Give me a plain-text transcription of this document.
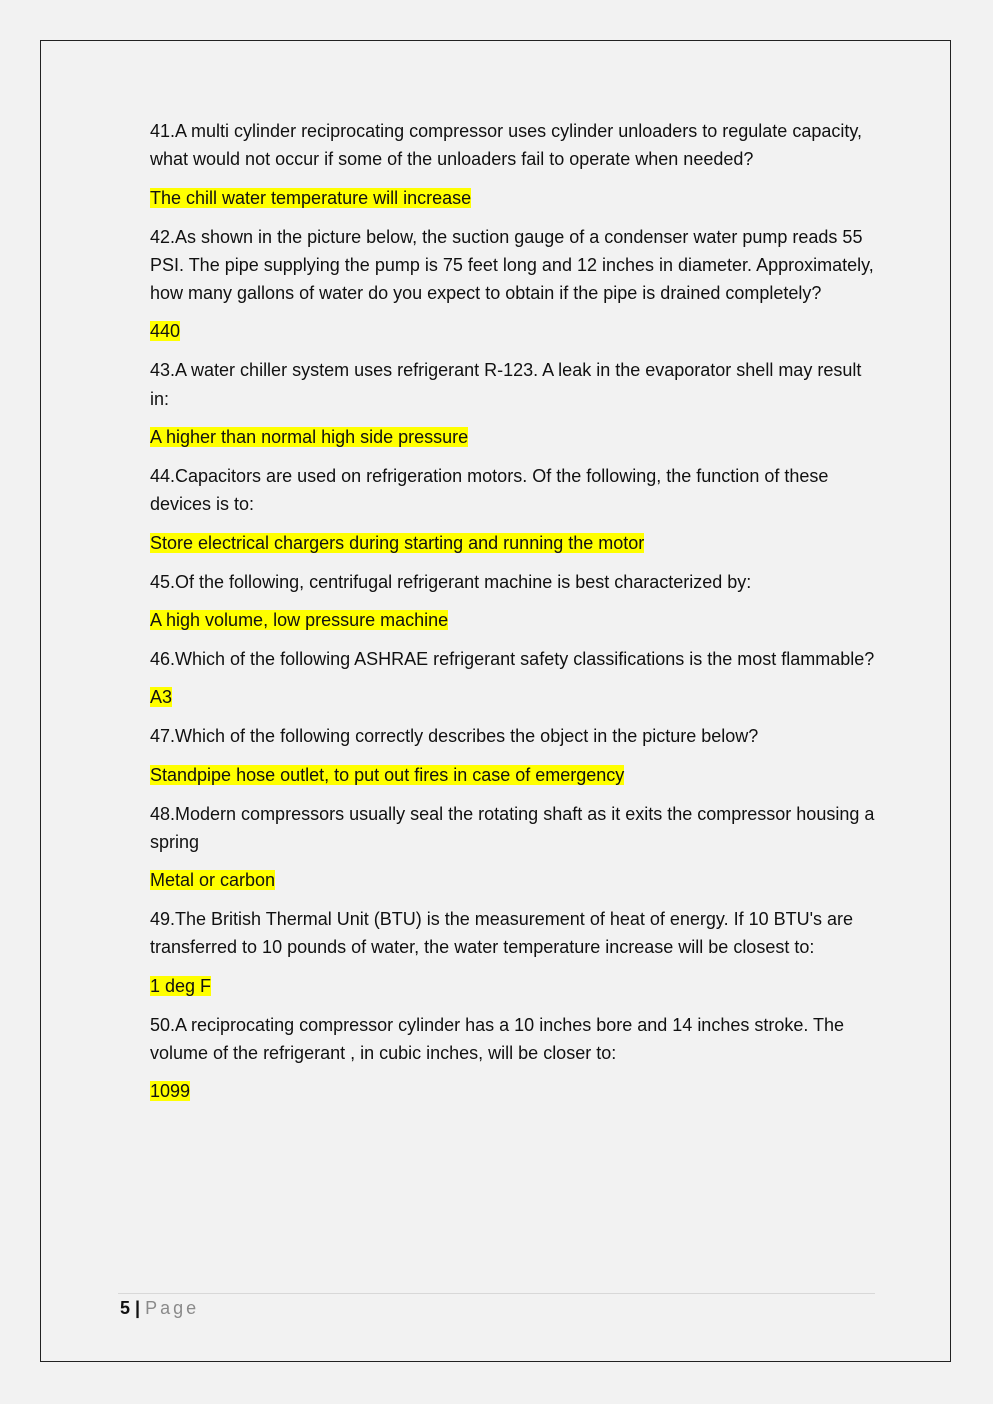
41.A multi cylinder reciprocating compressor uses cylinder unloaders to regulate capacity, what would not occur if some of the unloaders fail to operate when needed?

The chill water temperature will increase

42.As shown in the picture below, the suction gauge of a condenser water pump reads 55 PSI. The pipe supplying the pump is 75 feet long and 12 inches in diameter. Approximately, how many gallons of water do you expect to obtain if the pipe is drained completely?

440

43.A water chiller system uses refrigerant R-123. A leak in the evaporator shell may result in:

A higher than normal high side pressure

44.Capacitors are used on refrigeration motors. Of the following, the function of these devices is to:

Store electrical chargers during starting and running the motor

45.Of the following, centrifugal refrigerant machine is best characterized by:

A high volume, low pressure machine

46.Which of the following ASHRAE refrigerant safety classifications is the most flammable?

A3

47.Which of the following correctly describes the object in the picture below?

Standpipe hose outlet, to put out fires in case of emergency

48.Modern compressors usually seal the rotating shaft as it exits the compressor housing a spring

Metal or carbon

49.The British Thermal Unit (BTU) is the measurement of heat of energy. If 10 BTU's are transferred to 10 pounds of water, the water temperature increase will be closest to:

1 deg F

50.A reciprocating compressor cylinder has a 10 inches bore and 14 inches stroke. The volume of the refrigerant , in cubic inches, will be closer to:

1099

5 | Page
